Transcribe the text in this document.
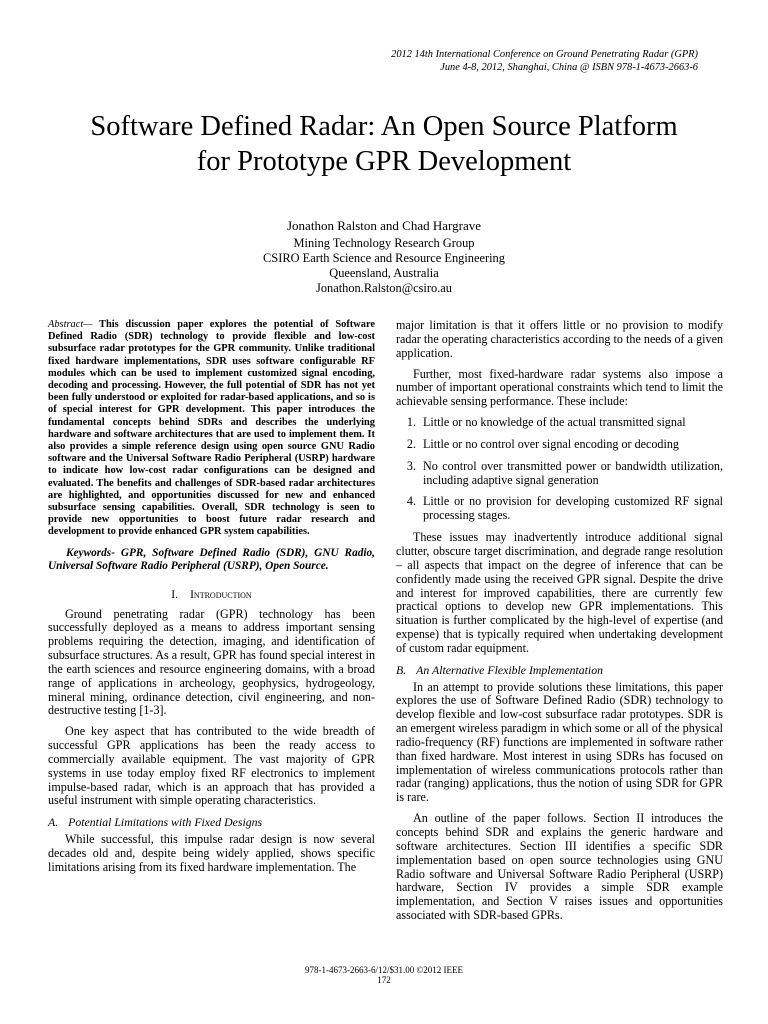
2012 14th International Conference on Ground Penetrating Radar (GPR)
June 4-8, 2012, Shanghai, China @ ISBN 978-1-4673-2663-6
Software Defined Radar: An Open Source Platform
for Prototype GPR Development
Jonathon Ralston and Chad Hargrave
Mining Technology Research Group
CSIRO Earth Science and Resource Engineering
Queensland, Australia
Jonathon.Ralston@csiro.au
Abstract— This discussion paper explores the potential of Software Defined Radio (SDR) technology to provide flexible and low-cost subsurface radar prototypes for the GPR community. Unlike traditional fixed hardware implementations, SDR uses software configurable RF modules which can be used to implement customized signal encoding, decoding and processing. However, the full potential of SDR has not yet been fully understood or exploited for radar-based applications, and so is of special interest for GPR development. This paper introduces the fundamental concepts behind SDRs and describes the underlying hardware and software architectures that are used to implement them. It also provides a simple reference design using open source GNU Radio software and the Universal Software Radio Peripheral (USRP) hardware to indicate how low-cost radar configurations can be designed and evaluated. The benefits and challenges of SDR-based radar architectures are highlighted, and opportunities discussed for new and enhanced subsurface sensing capabilities. Overall, SDR technology is seen to provide new opportunities to boost future radar research and development to provide enhanced GPR system capabilities.
Keywords- GPR, Software Defined Radio (SDR), GNU Radio, Universal Software Radio Peripheral (USRP), Open Source.
I. Introduction

Ground penetrating radar (GPR) technology has been successfully deployed as a means to address important sensing problems requiring the detection, imaging, and identification of subsurface structures. As a result, GPR has found special interest in the earth sciences and resource engineering domains, with a broad range of applications in archeology, geophysics, hydrogeology, mineral mining, ordinance detection, civil engineering, and non-destructive testing [1-3].

One key aspect that has contributed to the wide breadth of successful GPR applications has been the ready access to commercially available equipment. The vast majority of GPR systems in use today employ fixed RF electronics to implement impulse-based radar, which is an approach that has provided a useful instrument with simple operating characteristics.

A. Potential Limitations with Fixed Designs

While successful, this impulse radar design is now several decades old and, despite being widely applied, shows specific limitations arising from its fixed hardware implementation. The

major limitation is that it offers little or no provision to modify radar the operating characteristics according to the needs of a given application.

Further, most fixed-hardware radar systems also impose a number of important operational constraints which tend to limit the achievable sensing performance. These include:

1. Little or no knowledge of the actual transmitted signal
2. Little or no control over signal encoding or decoding
3. No control over transmitted power or bandwidth utilization, including adaptive signal generation
4. Little or no provision for developing customized RF signal processing stages.

These issues may inadvertently introduce additional signal clutter, obscure target discrimination, and degrade range resolution – all aspects that impact on the degree of inference that can be confidently made using the received GPR signal. Despite the drive and interest for improved capabilities, there are currently few practical options to develop new GPR implementations. This situation is further complicated by the high-level of expertise (and expense) that is typically required when undertaking development of custom radar equipment.

B. An Alternative Flexible Implementation

In an attempt to provide solutions these limitations, this paper explores the use of Software Defined Radio (SDR) technology to develop flexible and low-cost subsurface radar prototypes. SDR is an emergent wireless paradigm in which some or all of the physical radio-frequency (RF) functions are implemented in software rather than fixed hardware. Most interest in using SDRs has focused on implementation of wireless communications protocols rather than radar (ranging) applications, thus the notion of using SDR for GPR is rare.

An outline of the paper follows. Section II introduces the concepts behind SDR and explains the generic hardware and software architectures. Section III identifies a specific SDR implementation based on open source technologies using GNU Radio software and Universal Software Radio Peripheral (USRP) hardware, Section IV provides a simple SDR example implementation, and Section V raises issues and opportunities associated with SDR-based GPRs.

978-1-4673-2663-6/12/$31.00 ©2012 IEEE
172
